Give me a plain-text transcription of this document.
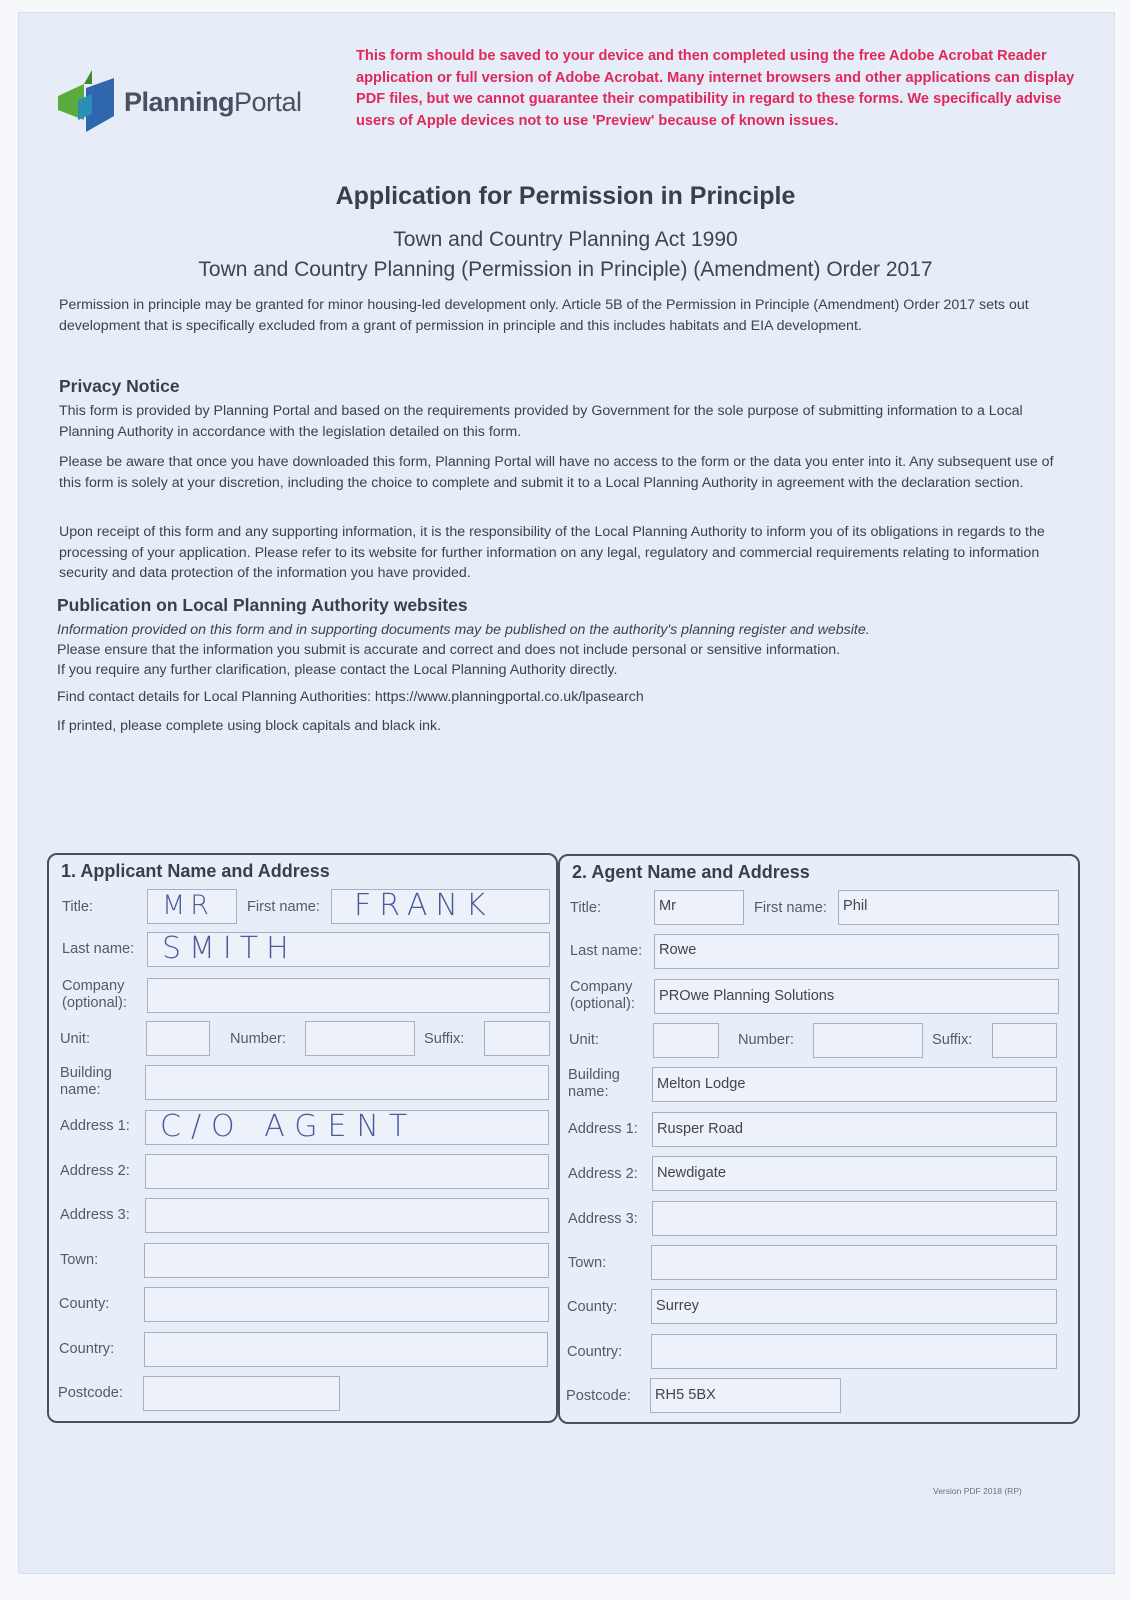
PlanningPortal
This form should be saved to your device and then completed using the free Adobe Acrobat Reader application or full version of Adobe Acrobat. Many internet browsers and other applications can display PDF files, but we cannot guarantee their compatibility in regard to these forms. We specifically advise users of Apple devices not to use 'Preview' because of known issues.
Application for Permission in Principle
Town and Country Planning Act 1990
Town and Country Planning (Permission in Principle) (Amendment) Order 2017

Permission in principle may be granted for minor housing-led development only. Article 5B of the Permission in Principle (Amendment) Order 2017 sets out development that is specifically excluded from a grant of permission in principle and this includes habitats and EIA development.

Privacy Notice

This form is provided by Planning Portal and based on the requirements provided by Government for the sole purpose of submitting information to a Local Planning Authority in accordance with the legislation detailed on this form.

Please be aware that once you have downloaded this form, Planning Portal will have no access to the form or the data you enter into it. Any subsequent use of this form is solely at your discretion, including the choice to complete and submit it to a Local Planning Authority in agreement with the declaration section.

Upon receipt of this form and any supporting information, it is the responsibility of the Local Planning Authority to inform you of its obligations in regards to the processing of your application. Please refer to its website for further information on any legal, regulatory and commercial requirements relating to information security and data protection of the information you have provided.

Publication on Local Planning Authority websites

Information provided on this form and in supporting documents may be published on the authority's planning register and website.

Please ensure that the information you submit is accurate and correct and does not include personal or sensitive information.

If you require any further clarification, please contact the Local Planning Authority directly.

Find contact details for Local Planning Authorities: https://www.planningportal.co.uk/lpasearch

If printed, please complete using block capitals and black ink.

1. Applicant Name and Address
Title:	MR	First name:	FRANK
Last name: SMITH
Company
(optional):
Unit:	Number:	Suffix:
Building
name:
Address 1:	C/O AGENT
Address 2:
Address 3:
Town:
County:
Country:
Postcode:
2. Agent Name and Address
Title:	Mr	First name:	Phil
Last name:	Rowe
Company
(optional):	PROwe Planning Solutions
Unit:	Number:	Suffix:
Building
name:	Melton Lodge
Address 1:	Rusper Road
Address 2:	Newdigate
Address 3:
Town:
County:	Surrey
Country:
Postcode:	RH5 5BX
Version PDF 2018 (RP)
